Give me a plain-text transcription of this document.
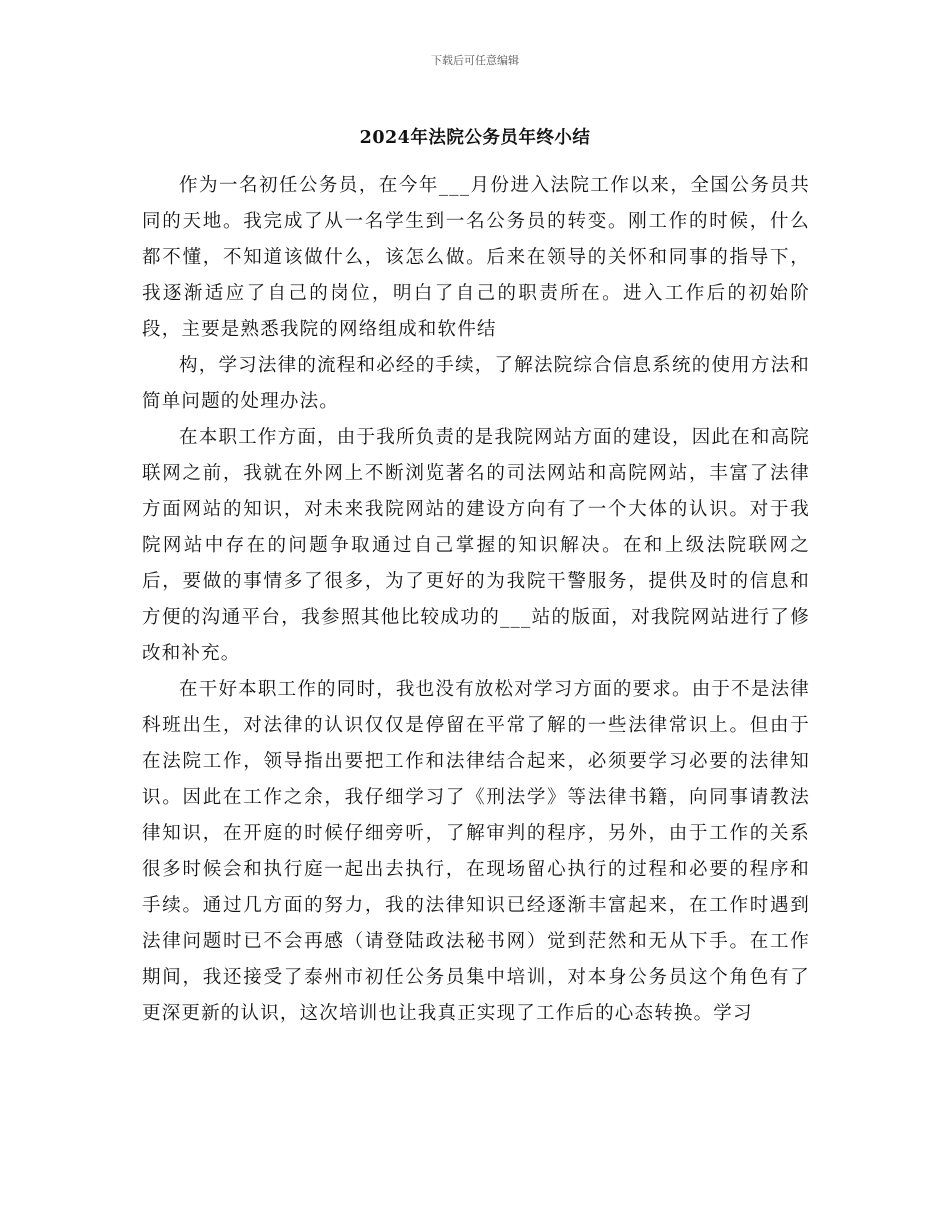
下载后可任意编辑
2024年法院公务员年终小结

作为一名初任公务员，在今年___月份进入法院工作以来，全国公务员共同的天地。我完成了从一名学生到一名公务员的转变。刚工作的时候，什么都不懂，不知道该做什么，该怎么做。后来在领导的关怀和同事的指导下，我逐渐适应了自己的岗位，明白了自己的职责所在。进入工作后的初始阶段，主要是熟悉我院的网络组成和软件结

构，学习法律的流程和必经的手续，了解法院综合信息系统的使用方法和简单问题的处理办法。

在本职工作方面，由于我所负责的是我院网站方面的建设，因此在和高院联网之前，我就在外网上不断浏览著名的司法网站和高院网站，丰富了法律方面网站的知识，对未来我院网站的建设方向有了一个大体的认识。对于我院网站中存在的问题争取通过自己掌握的知识解决。在和上级法院联网之后，要做的事情多了很多，为了更好的为我院干警服务，提供及时的信息和方便的沟通平台，我参照其他比较成功的___站的版面，对我院网站进行了修改和补充。

在干好本职工作的同时，我也没有放松对学习方面的要求。由于不是法律科班出生，对法律的认识仅仅是停留在平常了解的一些法律常识上。但由于在法院工作，领导指出要把工作和法律结合起来，必须要学习必要的法律知识。因此在工作之余，我仔细学习了《刑法学》等法律书籍，向同事请教法律知识，在开庭的时候仔细旁听，了解审判的程序，另外，由于工作的关系很多时候会和执行庭一起出去执行，在现场留心执行的过程和必要的程序和手续。通过几方面的努力，我的法律知识已经逐渐丰富起来，在工作时遇到法律问题时已不会再感（请登陆政法秘书网）觉到茫然和无从下手。在工作期间，我还接受了泰州市初任公务员集中培训，对本身公务员这个角色有了更深更新的认识，这次培训也让我真正实现了工作后的心态转换。学习
